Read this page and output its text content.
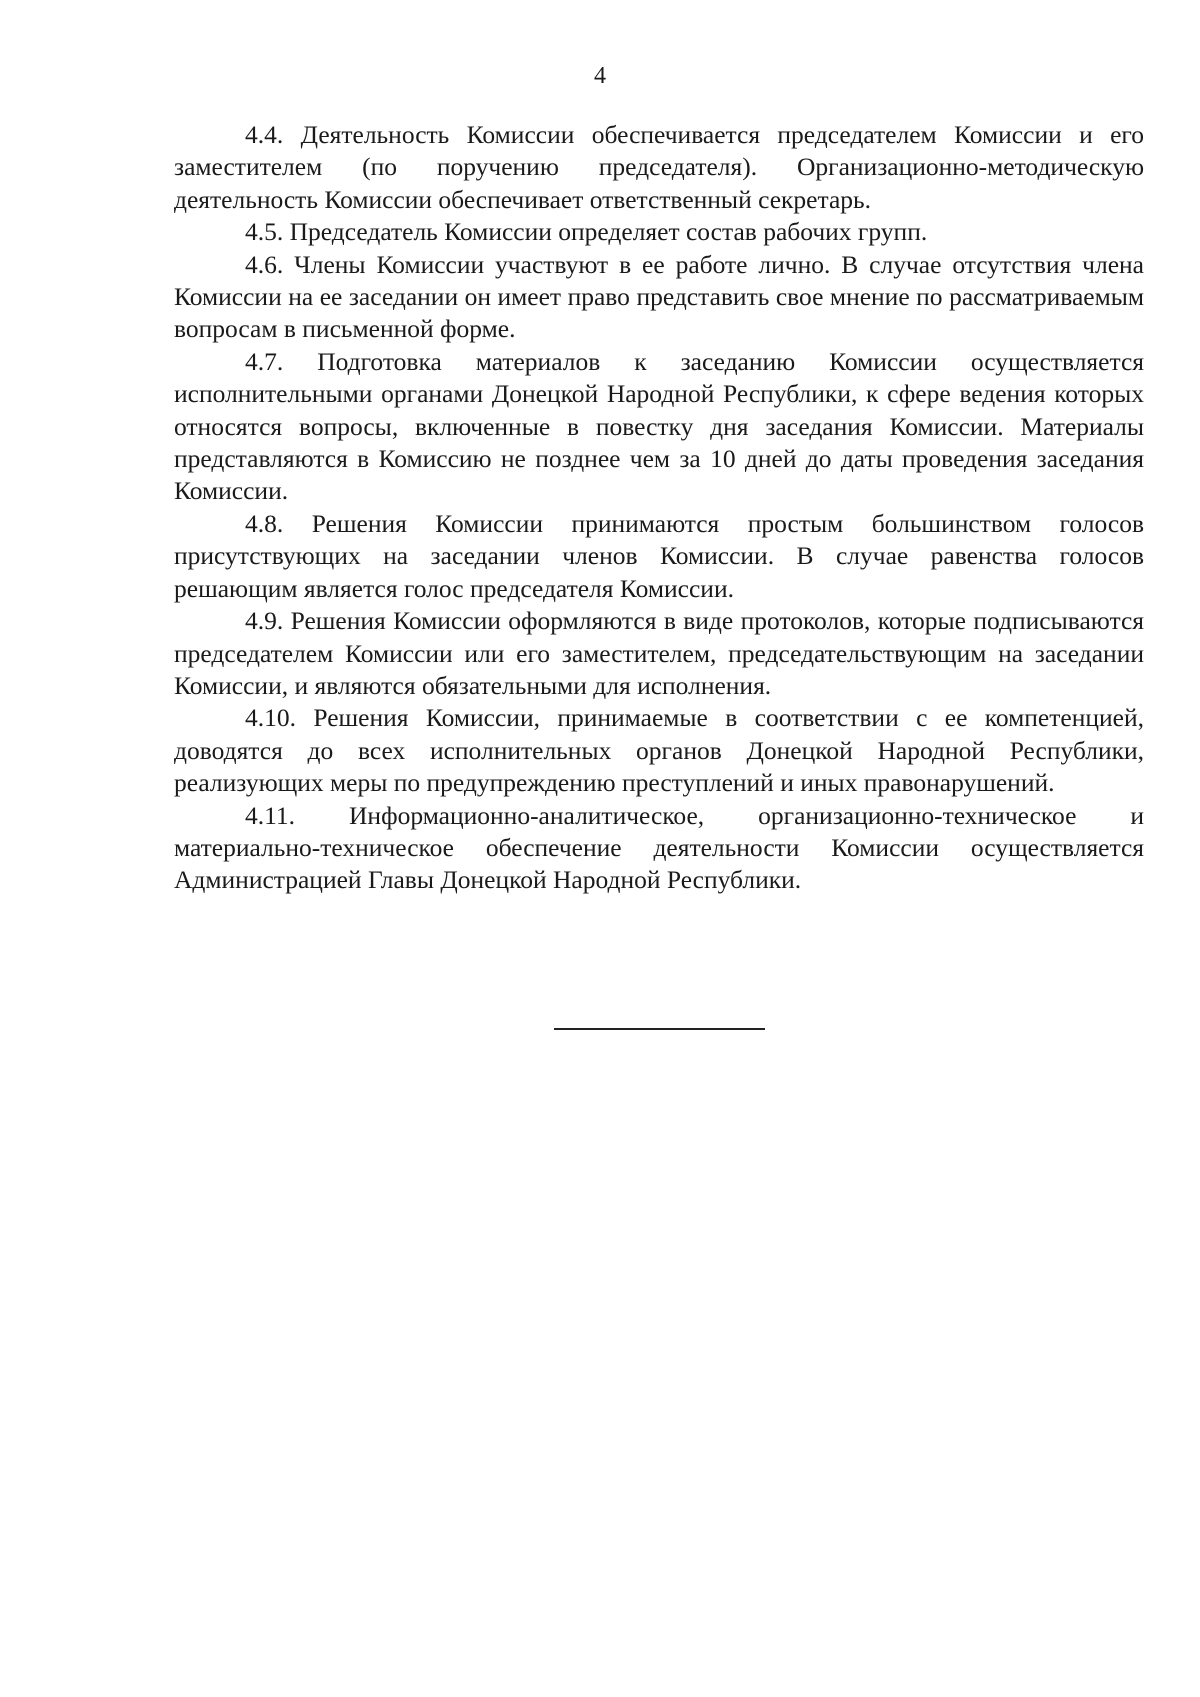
4

4.4. Деятельность Комиссии обеспечивается председателем Комиссии и его заместителем (по поручению председателя). Организационно-методическую деятельность Комиссии обеспечивает ответственный секретарь.

4.5. Председатель Комиссии определяет состав рабочих групп.

4.6. Члены Комиссии участвуют в ее работе лично. В случае отсутствия члена Комиссии на ее заседании он имеет право представить свое мнение по рассматриваемым вопросам в письменной форме.

4.7. Подготовка материалов к заседанию Комиссии осуществляется исполнительными органами Донецкой Народной Республики, к сфере ведения которых относятся вопросы, включенные в повестку дня заседания Комиссии. Материалы представляются в Комиссию не позднее чем за 10 дней до даты проведения заседания Комиссии.

4.8. Решения Комиссии принимаются простым большинством голосов присутствующих на заседании членов Комиссии. В случае равенства голосов решающим является голос председателя Комиссии.

4.9. Решения Комиссии оформляются в виде протоколов, которые подписываются председателем Комиссии или его заместителем, председательствующим на заседании Комиссии, и являются обязательными для исполнения.

4.10. Решения Комиссии, принимаемые в соответствии с ее компетенцией, доводятся до всех исполнительных органов Донецкой Народной Республики, реализующих меры по предупреждению преступлений и иных правонарушений.

4.11. Информационно-аналитическое, организационно-техническое и материально-техническое обеспечение деятельности Комиссии осуществляется Администрацией Главы Донецкой Народной Республики.
